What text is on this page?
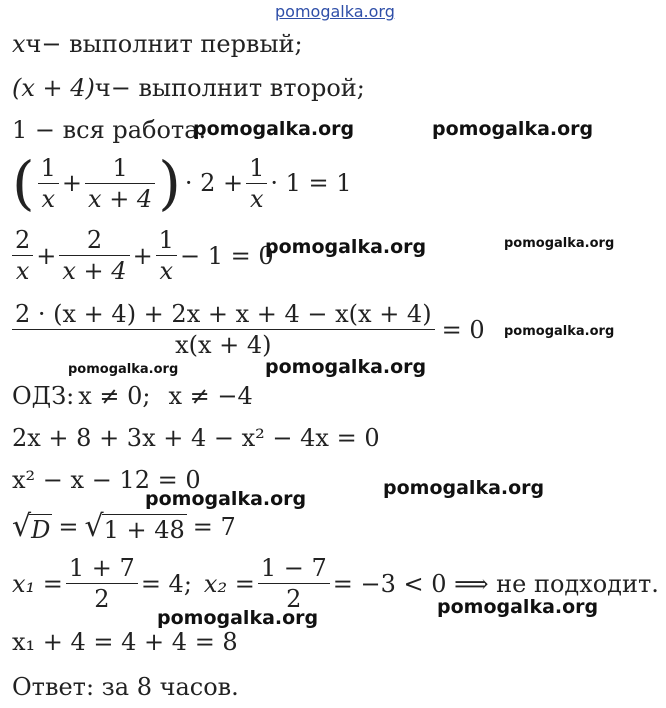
pomogalka.org
x ч − выполнит первый;
(x + 4) ч − выполнит второй;
1 − вся работа.
pomogalka.org	pomogalka.org
( $\frac{1}{x} + \frac{1}{x + 4}$ ) · $2 + \frac{1}{x} \cdot 1 = 1$
$\frac{2}{x} + \frac{2}{x + 4} + \frac{1}{x} - 1 = 0$
pomogalka.org	pomogalka.org
$\frac{2 \cdot (x + 4) + 2x + x + 4 - x(x + 4)}{x(x + 4)} = 0$ pomogalka.org
pomogalka.org	pomogalka.org
ОДЗ: x ≠ 0; x ≠ −4
2x + 8 + 3x + 4 − x² − 4x = 0
x² − x − 12 = 0	pomogalka.org
pomogalka.org
√ D = √ 1 + 48 = 7
$x_1 = \frac{1 + 7}{2} = 4$; $x_2 = \frac{1 - 7}{2} = -3 < 0$ ⟹ не подходит.
pomogalka.org
pomogalka.org
x₁ + 4 = 4 + 4 = 8
Ответ: за 8 часов.
